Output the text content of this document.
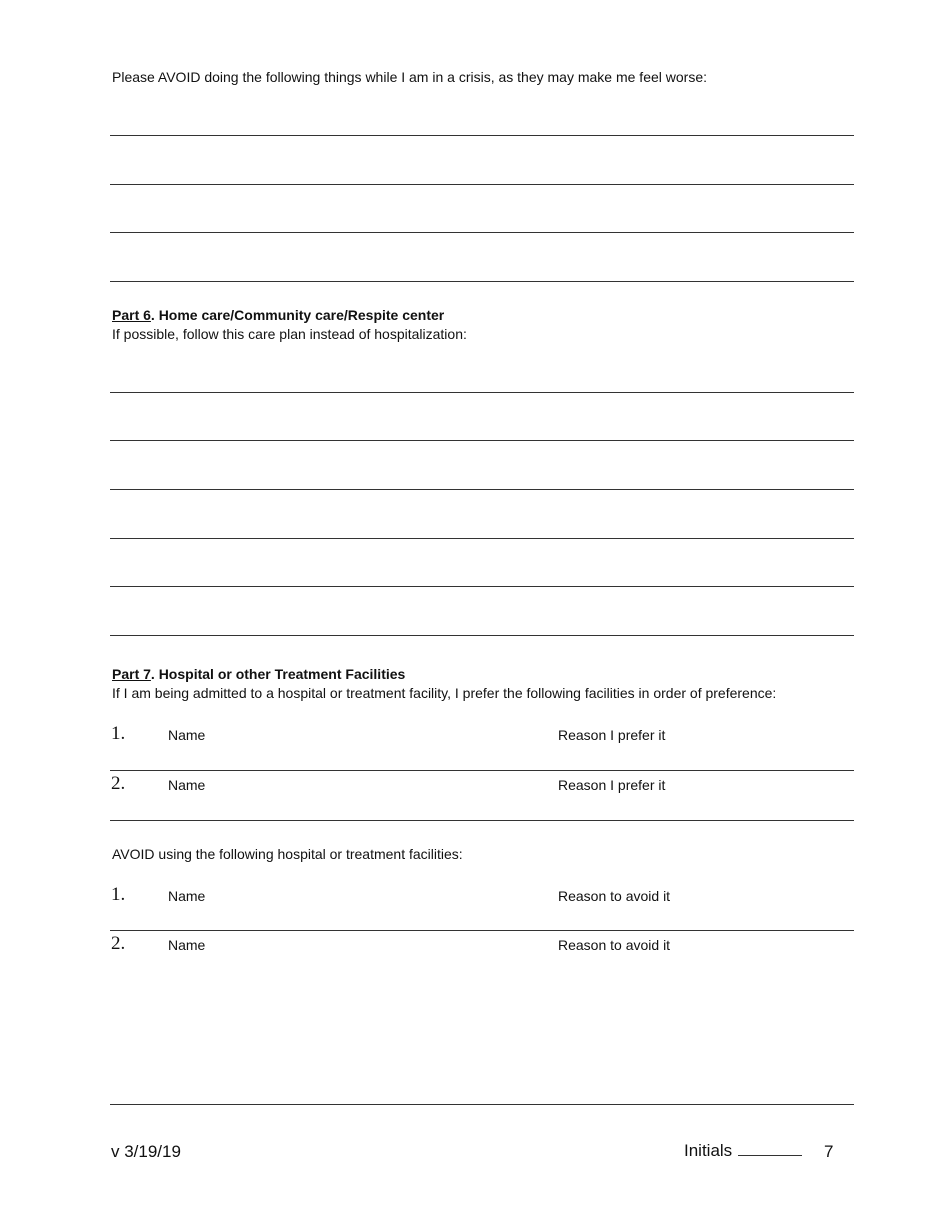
Please AVOID doing the following things while I am in a crisis, as they may make me feel worse:
Part 6. Home care/Community care/Respite center
If possible, follow this care plan instead of hospitalization:
Part 7. Hospital or other Treatment Facilities
If I am being admitted to a hospital or treatment facility, I prefer the following facilities in order of preference:
1.	Name	Reason I prefer it
2.	Name	Reason I prefer it
AVOID using the following hospital or treatment facilities:
1.	Name	Reason to avoid it
2.	Name	Reason to avoid it
v 3/19/19	Initials	7
